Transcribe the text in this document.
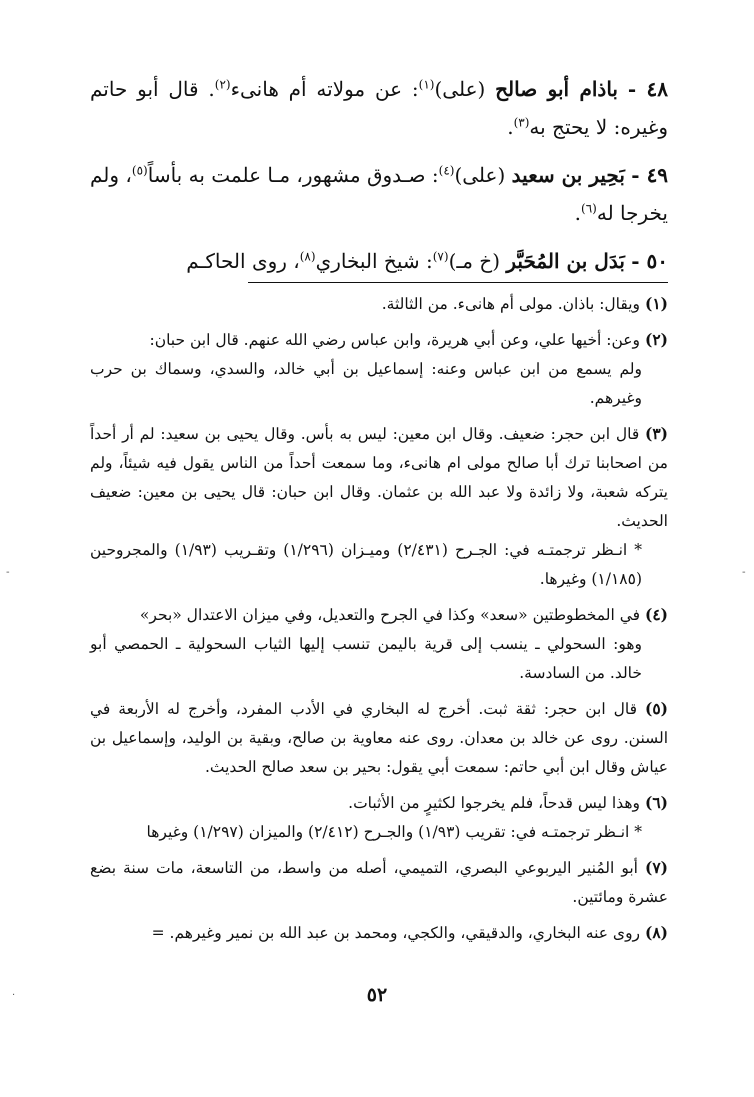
٤٨ - باذام أبو صالح (على)$^{(١)}$: عن مولاته أم هانىء$^{(٢)}$. قال أبو حاتم وغيره: لا يحتج به$^{(٣)}$.
٤٩ - بَحِير بن سعيد (على)$^{(٤)}$: صـدوق مشهور، مـا علمت به بأساً$^{(٥)}$، ولم يخرجا له$^{(٦)}$.
٥٠ - بَدَل بن المُحَبَّر (خ مـ)$^{(٧)}$: شيخ البخاري$^{(٨)}$، روى الحاكـم
(١) ويقال: باذان. مولى أم هانىء. من الثالثة.
(٢) وعن: أخيها علي، وعن أبي هريرة، وابن عباس رضي الله عنهم. قال ابن حبان:
ولم يسمع من ابن عباس وعنه: إسماعيل بن أبي خالد، والسدي، وسماك بن حرب وغيرهم.
(٣) قال ابن حجر: ضعيف. وقال ابن معين: ليس به بأس. وقال يحيى بن سعيد: لم أر أحداً من اصحابنا ترك أبا صالح مولى ام هانىء، وما سمعت أحداً من الناس يقول فيه شيئاً، ولم يتركه شعبة، ولا زائدة ولا عبد الله بن عثمان. وقال ابن حبان: قال يحيى بن معين: ضعيف الحديث.
* انـظر ترجمتـه في: الجـرح (٢/٤٣١) وميـزان (١/٢٩٦) وتقـريب (١/٩٣) والمجروحين (١/١٨٥) وغيرها.
(٤) في المخطوطتين «سعد» وكذا في الجرح والتعديل، وفي ميزان الاعتدال «بحر»
وهو: السحولي ـ ينسب إلى قرية باليمن تنسب إليها الثياب السحولية ـ الحمصي أبو خالد. من السادسة.
(٥) قال ابن حجر: ثقة ثبت. أخرج له البخاري في الأدب المفرد، وأخرج له الأربعة في السنن. روى عن خالد بن معدان. روى عنه معاوية بن صالح، وبقية بن الوليد، وإسماعيل بن عياش وقال ابن أبي حاتم: سمعت أبي يقول: بحير بن سعد صالح الحديث.
(٦) وهذا ليس قدحاً، فلم يخرجوا لكثيرٍ من الأثبات.
* انـظر ترجمتـه في: تقريب (١/٩٣) والجـرح (٢/٤١٢) والميزان (١/٢٩٧) وغيرها
(٧) أبو المُنير اليربوعي البصري، التميمي، أصله من واسط، من التاسعة، مات سنة بضع عشرة ومائتين.
(٨) روى عنه البخاري، والدقيقي، والكجي، ومحمد بن عبد الله بن نمير وغيرهم. =
٥٢
-	-
·
